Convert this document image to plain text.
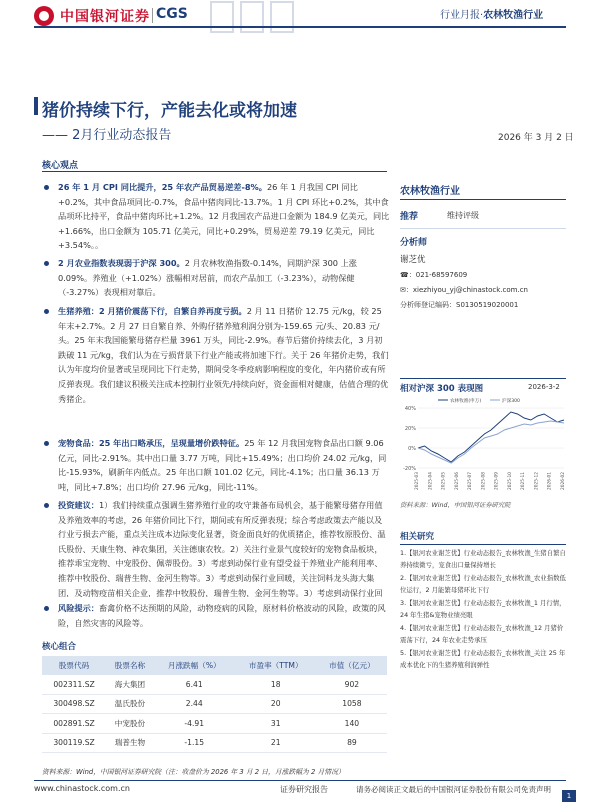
中国银河证券 CGS	行业月报·农林牧渔行业
猪价持续下行，产能去化或将加速
—— 2月行业动态报告	2026 年 3 月 2 日
核心观点
26 年 1 月 CPI 同比提升，25 年农产品贸易逆差-8%。26 年 1 月我国 CPI 同比+0.2%，其中食品项同比-0.7%，食品中猪肉同比-13.7%。1 月 CPI 环比+0.2%，其中食品项环比持平，食品中猪肉环比+1.2%。12 月我国农产品进口金额为 184.9 亿美元，同比+1.66%，出口金额为 105.71 亿美元，同比+0.29%，贸易逆差 79.19 亿美元，同比+3.54%。。
2 月农业指数表现弱于沪深 300。2 月农林牧渔指数-0.14%，同期沪深 300 上涨 0.09%。养殖业（+1.02%）涨幅相对居前，而农产品加工（-3.23%），动物保健（-3.27%）表现相对靠后。
生猪养殖：2 月猪价震荡下行，自繁自养再度亏损。2 月 11 日猪价 12.75 元/kg，较 25 年末+2.7%。2 月 27 日自繁自养、外购仔猪养殖利润分别为-159.65 元/头、20.83 元/头。25 年末我国能繁母猪存栏量 3961 万头，同比-2.9%。春节后猪价持续去化，3 月初跌破 11 元/kg，我们认为在亏损背景下行业产能或将加速下行。关于 26 年猪价走势，我们认为年度均价显著或呈现同比下行走势，期间受冬季疫病影响程度的变化，年内猪价或有所反弹表现。我们建议积极关注成本控制行业领先/持续向好，资金面相对健康，估值合理的优秀猪企。
宠物食品：25 年出口略承压，呈现量增价跌特征。25 年 12 月我国宠物食品出口额 9.06 亿元，同比-2.91%。其中出口量 3.77 万吨，同比+15.49%；出口均价 24.02 元/kg，同比-15.93%，刷新年内低点。25 年出口额 101.02 亿元，同比-4.1%；出口量 36.13 万吨，同比+7.8%；出口均价 27.96 元/kg，同比-11%。
投资建议：1）我们持续重点强调生猪养殖行业的攻守兼备布局机会，基于能繁母猪存用值及养殖效率的考虑，26 年猪价同比下行，期间或有所反弹表现；综合考虑政策去产能以及行业亏损去产能，重点关注成本边际变化显著，资金面良好的优质猪企，推荐牧原股份、温氏股份、天康生物、神农集团，关注德康农牧。2）关注行业景气度较好的宠物食品板块，推荐乖宝宠物、中宠股份、佩蒂股份。3）考虑到动保行业有望受益于养殖业产能利用率、推荐中牧股份、瑞普生物、金河生物等。3）考虑到动保行业回暖，关注饲料龙头海大集团，及动物疫苗相关企业，推荐中牧股份，瑞普生物，金河生物等。3）考虑到动保行业回
风险提示：畜禽价格不达预期的风险，动物疫病的风险，原材料价格波动的风险，政策的风险，自然灾害的风险等。
农林牧渔行业
推荐	维持评级
分析师
谢芝优
☎：021-68597609
✉：xiezhiyou_yj@chinastock.com.cn
分析师登记编码：S0130519020001
相对沪深 300 表现图	2026-3-2
-20%
0%
20%
40%
农林牧渔(申万)	沪深300
2025-03 2025-04 2025-05 2025-06 2025-07 2025-08 2025-09 2025-10 2025-11 2025-12 2026-01 2026-02
资料来源：Wind，中国银河证券研究院
相关研究
1.【银河农业谢芝优】行业动态报告_农林牧渔_生猪自繁自养持续微亏，宠食出口量保持增长
2.【银河农业谢芝优】行业动态报告_农林牧渔_农业指数低位运行，2 月能繁母猪环比下行
3.【银河农业谢芝优】行业动态报告_农林牧渔_1 月行情，24 年生猪&宠物业绩亮眼
4.【银河农业谢芝优】行业动态报告_农林牧渔_12 月猪价震荡下行，24 年农业走势承压
5.【银河农业谢芝优】行业动态报告_农林牧渔_关注 25 年成本优化下的生猪养殖利润弹性
核心组合
股票代码	股票名称	月涨跌幅（%）	市盈率（TTM）	市值（亿元）
002311.SZ	海大集团	6.41	18	902
300498.SZ	温氏股份	2.44	20	1058
002891.SZ	中宠股份	-4.91	31	140
300119.SZ	瑞普生物	-1.15	21	89
资料来源：Wind，中国银河证券研究院（注：收盘价为 2026 年 3 月 2 日，月涨跌幅为 2 月情况）
www.chinastock.com.cn	证券研究报告	请务必阅读正文最后的中国银河证券股份有限公司免责声明
1
